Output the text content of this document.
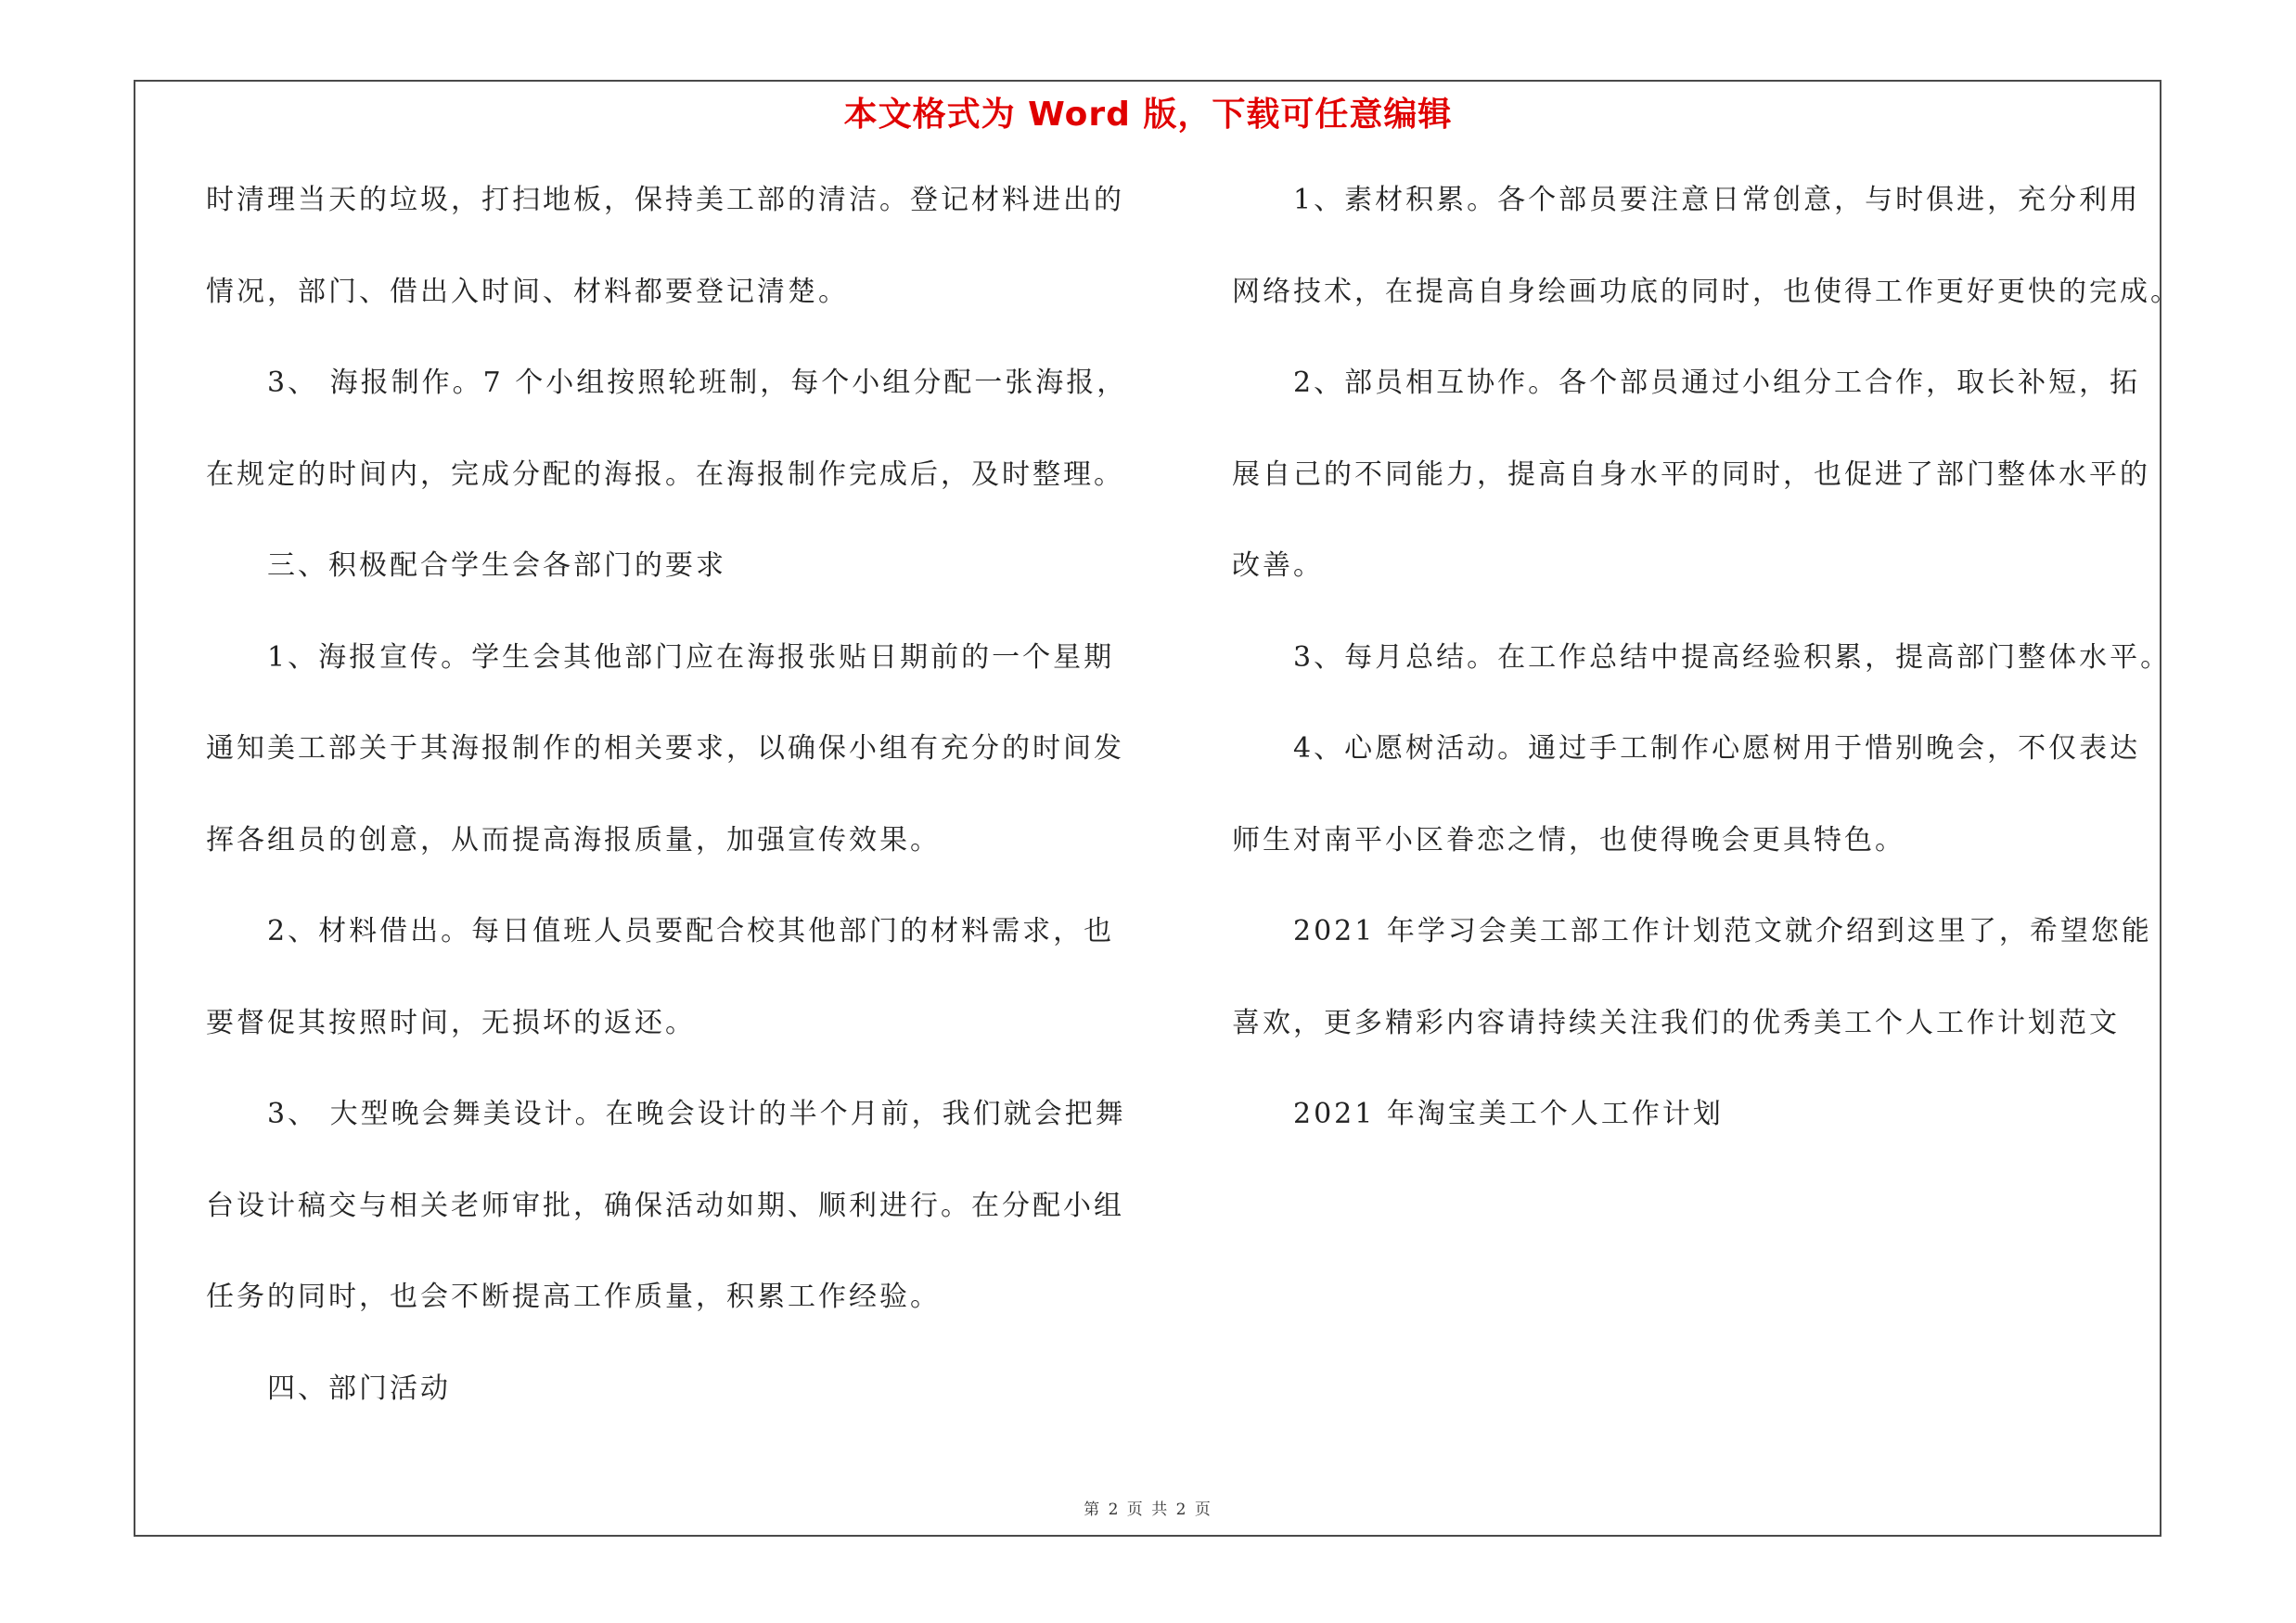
本文格式为 Word 版，下载可任意编辑
时清理当天的垃圾，打扫地板，保持美工部的清洁。登记材料进出的
情况，部门、借出入时间、材料都要登记清楚。
3、 海报制作。7 个小组按照轮班制，每个小组分配一张海报，
在规定的时间内，完成分配的海报。在海报制作完成后，及时整理。
三、积极配合学生会各部门的要求
1、海报宣传。学生会其他部门应在海报张贴日期前的一个星期
通知美工部关于其海报制作的相关要求，以确保小组有充分的时间发
挥各组员的创意，从而提高海报质量，加强宣传效果。
2、材料借出。每日值班人员要配合校其他部门的材料需求，也
要督促其按照时间，无损坏的返还。
3、 大型晚会舞美设计。在晚会设计的半个月前，我们就会把舞
台设计稿交与相关老师审批，确保活动如期、顺利进行。在分配小组
任务的同时，也会不断提高工作质量，积累工作经验。
四、部门活动
1、素材积累。各个部员要注意日常创意，与时俱进，充分利用
网络技术，在提高自身绘画功底的同时，也使得工作更好更快的完成。
2、部员相互协作。各个部员通过小组分工合作，取长补短，拓
展自己的不同能力，提高自身水平的同时，也促进了部门整体水平的
改善。
3、每月总结。在工作总结中提高经验积累，提高部门整体水平。
4、心愿树活动。通过手工制作心愿树用于惜别晚会，不仅表达
师生对南平小区眷恋之情，也使得晚会更具特色。
2021 年学习会美工部工作计划范文就介绍到这里了，希望您能
喜欢，更多精彩内容请持续关注我们的优秀美工个人工作计划范文
2021 年淘宝美工个人工作计划
第 2 页 共 2 页
